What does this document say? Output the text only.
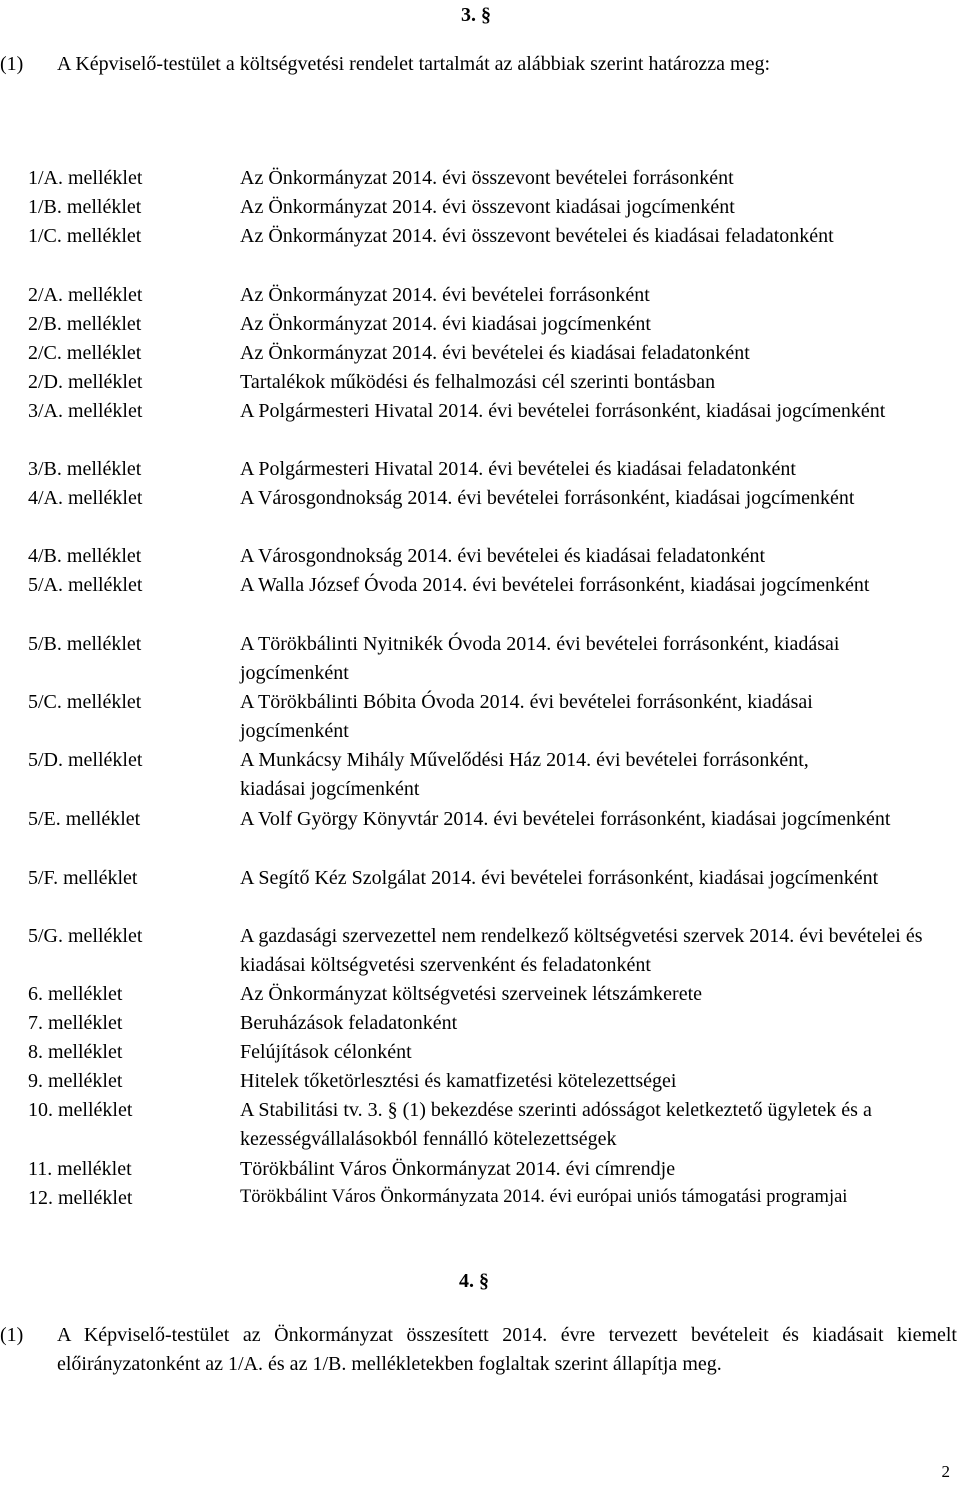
3. §
(1) A Képviselő-testület a költségvetési rendelet tartalmát az alábbiak szerint határozza meg:
1/A. melléklet	Az Önkormányzat 2014. évi összevont bevételei forrásonként
1/B. melléklet	Az Önkormányzat 2014. évi összevont kiadásai jogcímenként
1/C. melléklet	Az Önkormányzat 2014. évi összevont bevételei és kiadásai feladatonként
2/A. melléklet	Az Önkormányzat 2014. évi bevételei forrásonként
2/B. melléklet	Az Önkormányzat 2014. évi kiadásai jogcímenként
2/C. melléklet	Az Önkormányzat 2014. évi bevételei és kiadásai feladatonként
2/D. melléklet	Tartalékok működési és felhalmozási cél szerinti bontásban
3/A. melléklet	A Polgármesteri Hivatal 2014. évi bevételei forrásonként, kiadásai jogcímenként
3/B. melléklet	A Polgármesteri Hivatal 2014. évi bevételei és kiadásai feladatonként
4/A. melléklet	A Városgondnokság 2014. évi bevételei forrásonként, kiadásai jogcímenként
4/B. melléklet	A Városgondnokság 2014. évi bevételei és kiadásai feladatonként
5/A. melléklet	A Walla József Óvoda 2014. évi bevételei forrásonként, kiadásai jogcímenként
5/B. melléklet	A Törökbálinti Nyitnikék Óvoda 2014. évi bevételei forrásonként, kiadásai jogcímenként
5/C. melléklet	A Törökbálinti Bóbita Óvoda 2014. évi bevételei forrásonként, kiadásai jogcímenként
5/D. melléklet	A Munkácsy Mihály Művelődési Ház 2014. évi bevételei forrásonként, kiadásai jogcímenként
5/E. melléklet	A Volf György Könyvtár 2014. évi bevételei forrásonként, kiadásai jogcímenként
5/F. melléklet	A Segítő Kéz Szolgálat 2014. évi bevételei forrásonként, kiadásai jogcímenként
5/G. melléklet	A gazdasági szervezettel nem rendelkező költségvetési szervek 2014. évi bevételei és kiadásai költségvetési szervenként és feladatonként
6. melléklet	Az Önkormányzat költségvetési szerveinek létszámkerete
7. melléklet	Beruházások feladatonként
8. melléklet	Felújítások célonként
9. melléklet	Hitelek tőketörlesztési és kamatfizetési kötelezettségei
10. melléklet	A Stabilitási tv. 3. § (1) bekezdése szerinti adósságot keletkeztető ügyletek és a kezességvállalásokból fennálló kötelezettségek
11. melléklet	Törökbálint Város Önkormányzat 2014. évi címrendje
12. melléklet	Törökbálint Város Önkormányzata 2014. évi európai uniós támogatási programjai
4. §
(1) A Képviselő-testület az Önkormányzat összesített 2014. évre tervezett bevételeit és kiadásait kiemelt előirányzatonként az 1/A. és az 1/B. mellékletekben foglaltak szerint állapítja meg.
2
